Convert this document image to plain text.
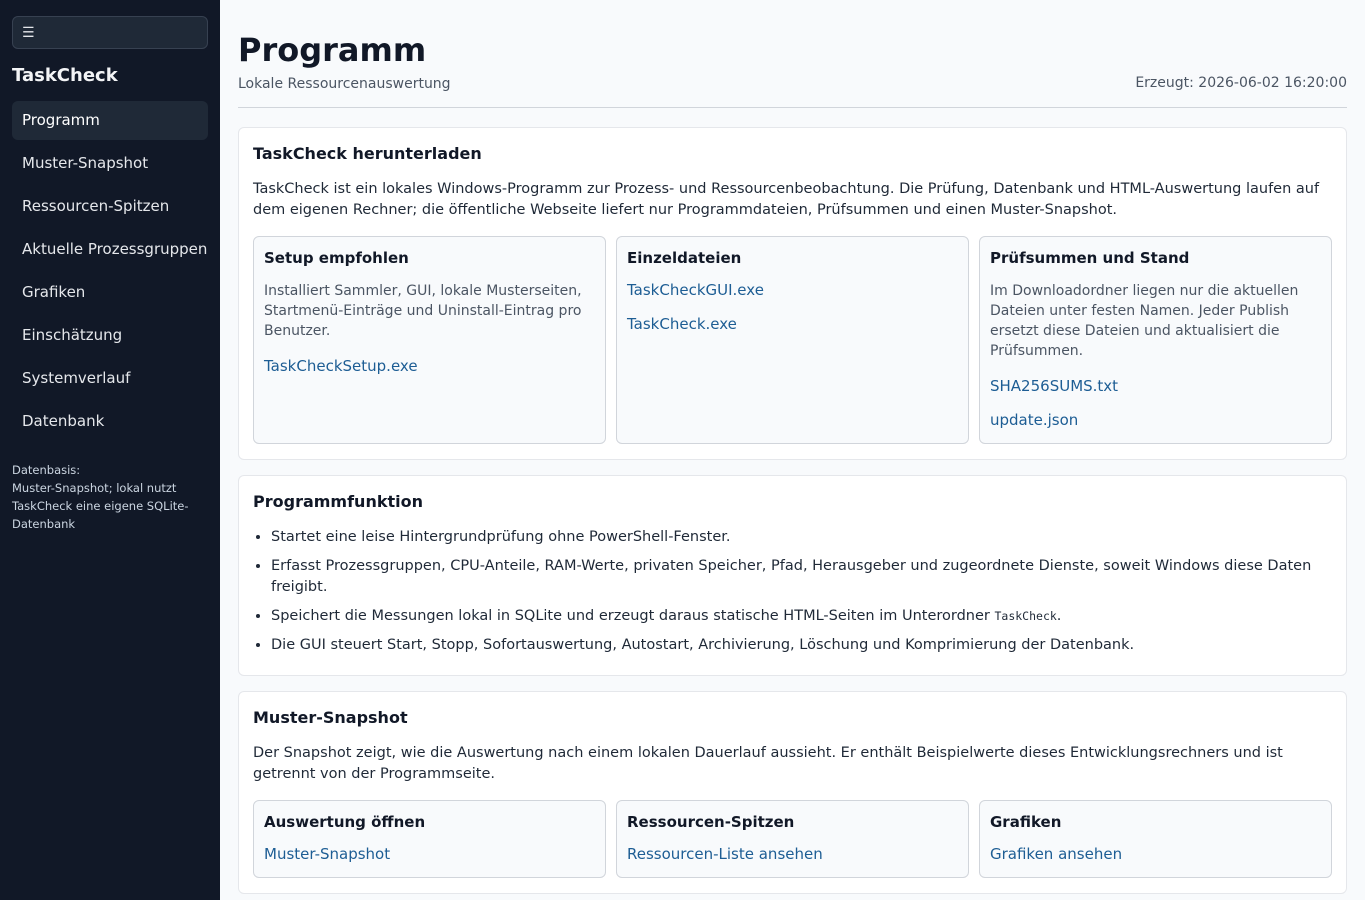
☰
TaskCheck
Programm
Muster-Snapshot
Ressourcen-Spitzen
Aktuelle Prozessgruppen
Grafiken
Einschätzung
Systemverlauf
Datenbank
Datenbasis:
Muster-Snapshot; lokal nutzt TaskCheck eine eigene SQLite-Datenbank
Programm
Lokale Ressourcenauswertung	Erzeugt: 2026-06-02 16:20:00
TaskCheck herunterladen

TaskCheck ist ein lokales Windows-Programm zur Prozess- und Ressourcenbeobachtung. Die Prüfung, Datenbank und HTML-Auswertung laufen auf dem eigenen Rechner; die öffentliche Webseite liefert nur Programmdateien, Prüfsummen und einen Muster-Snapshot.

Setup empfohlen

Installiert Sammler, GUI, lokale Musterseiten, Startmenü-Einträge und Uninstall-Eintrag pro Benutzer.

TaskCheckSetup.exe
Einzeldateien
TaskCheckGUI.exe
TaskCheck.exe
Prüfsummen und Stand

Im Downloadordner liegen nur die aktuellen Dateien unter festen Namen. Jeder Publish ersetzt diese Dateien und aktualisiert die Prüfsummen.

SHA256SUMS.txt
update.json
Programmfunktion
• Startet eine leise Hintergrundprüfung ohne PowerShell-Fenster.
• Erfasst Prozessgruppen, CPU-Anteile, RAM-Werte, privaten Speicher, Pfad, Herausgeber und zugeordnete Dienste, soweit Windows diese Daten freigibt.
• Speichert die Messungen lokal in SQLite und erzeugt daraus statische HTML-Seiten im Unterordner TaskCheck.
• Die GUI steuert Start, Stopp, Sofortauswertung, Autostart, Archivierung, Löschung und Komprimierung der Datenbank.
Muster-Snapshot

Der Snapshot zeigt, wie die Auswertung nach einem lokalen Dauerlauf aussieht. Er enthält Beispielwerte dieses Entwicklungsrechners und ist getrennt von der Programmseite.

Auswertung öffnen
Muster-Snapshot
Ressourcen-Spitzen
Ressourcen-Liste ansehen
Grafiken
Grafiken ansehen
